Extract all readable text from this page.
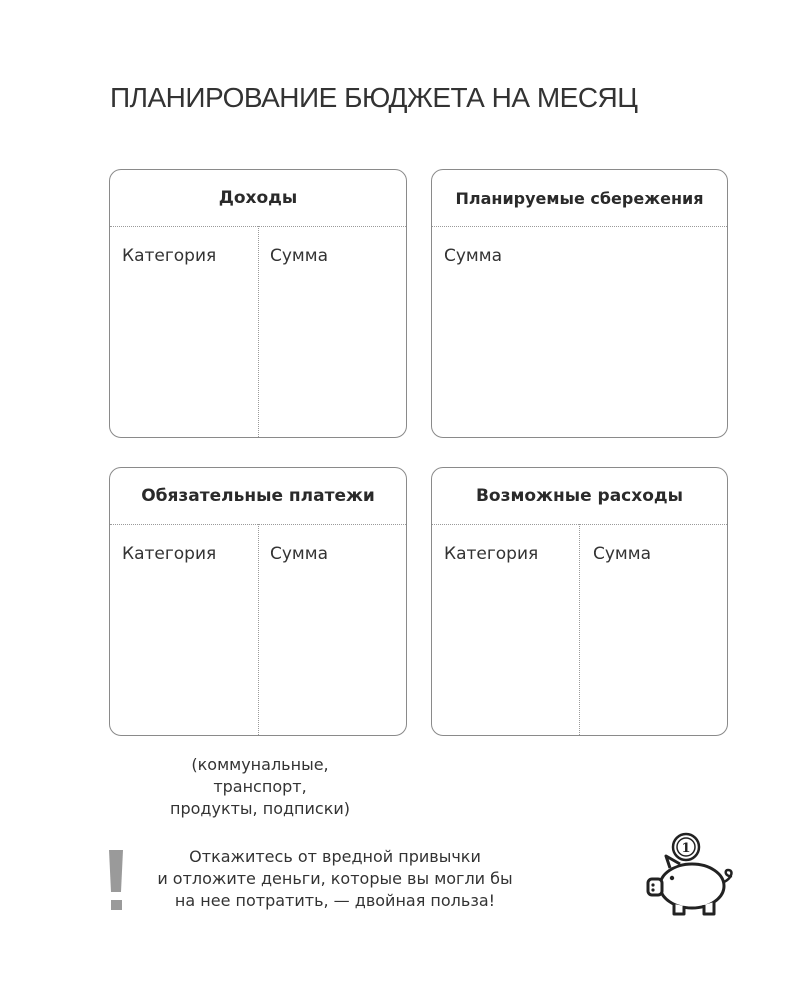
ПЛАНИРОВАНИЕ БЮДЖЕТА НА МЕСЯЦ
Доходы
Категория	Сумма
Планируемые сбережения
Сумма
Обязательные платежи
Категория	Сумма
Возможные расходы
Категория	Сумма
(коммунальные,
транспорт,
продукты, подписки)
Откажитесь от вредной привычки
и отложите деньги, которые вы могли бы
на нее потратить, — двойная польза!
1
